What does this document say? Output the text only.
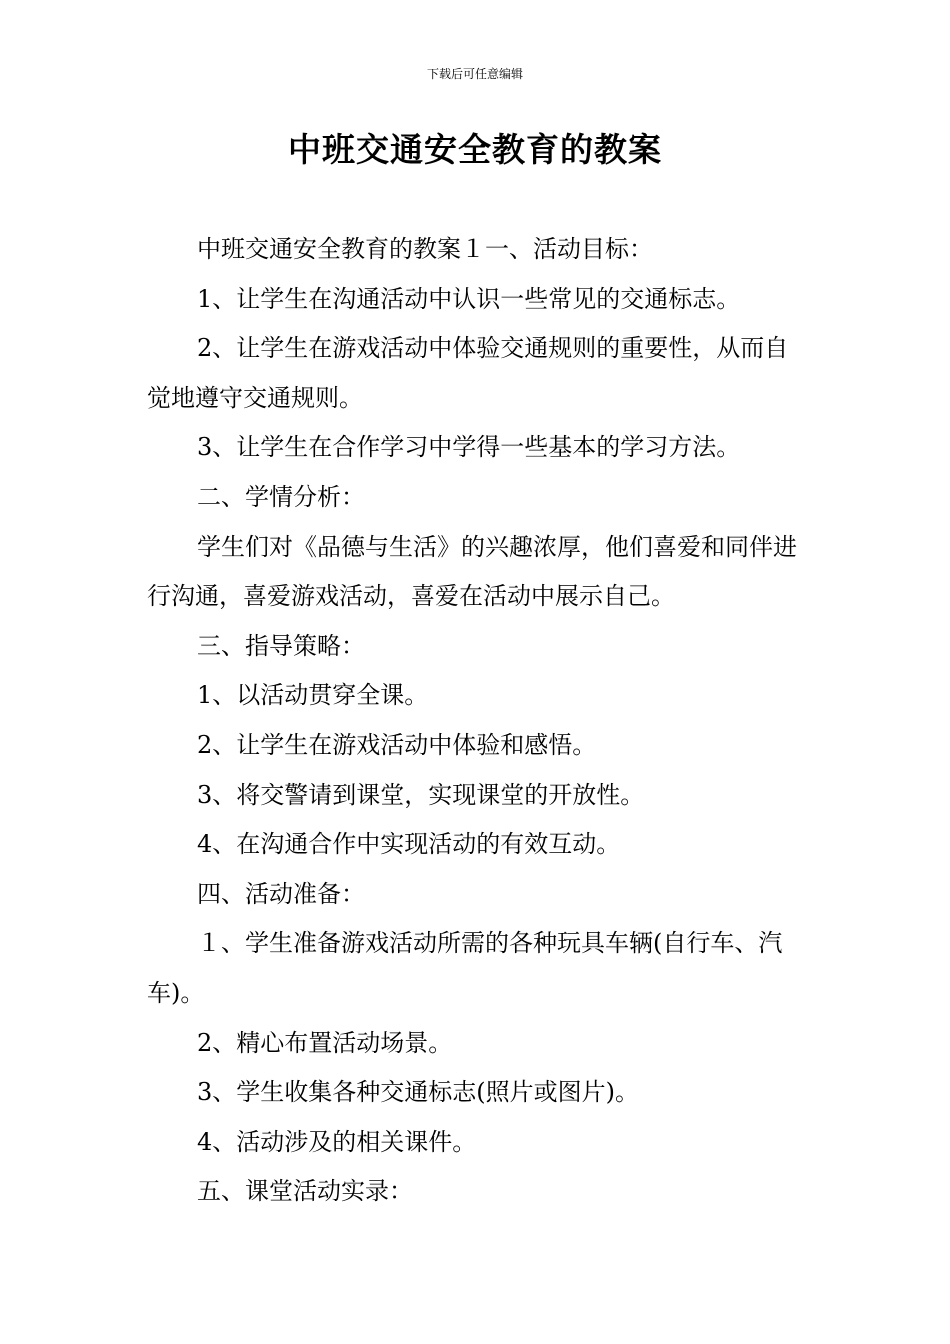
下载后可任意编辑
中班交通安全教育的教案

中班交通安全教育的教案１一、活动目标：

1、让学生在沟通活动中认识一些常见的交通标志。

2、让学生在游戏活动中体验交通规则的重要性，从而自觉地遵守交通规则。

3、让学生在合作学习中学得一些基本的学习方法。

二、学情分析：

学生们对《品德与生活》的兴趣浓厚，他们喜爱和同伴进行沟通，喜爱游戏活动，喜爱在活动中展示自己。

三、指导策略：

1、以活动贯穿全课。

2、让学生在游戏活动中体验和感悟。

3、将交警请到课堂，实现课堂的开放性。

4、在沟通合作中实现活动的有效互动。

四、活动准备：

１、学生准备游戏活动所需的各种玩具车辆(自行车、汽车)。

2、精心布置活动场景。

3、学生收集各种交通标志(照片或图片)。

4、活动涉及的相关课件。

五、课堂活动实录：
